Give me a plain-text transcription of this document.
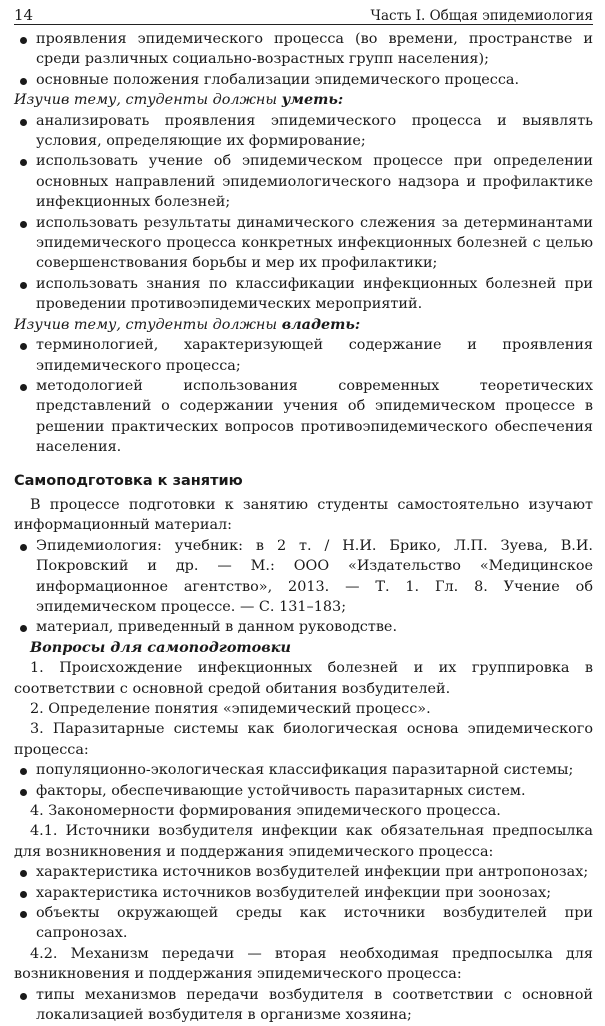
14	Часть I. Общая эпидемиология
проявления эпидемического процесса (во времени, пространстве и среди различных социально-возрастных групп населения);
основные положения глобализации эпидемического процесса.
Изучив тему, студенты должны уметь:
анализировать проявления эпидемического процесса и выявлять условия, определяющие их формирование;
использовать учение об эпидемическом процессе при определении основных направлений эпидемиологического надзора и профилактике инфекционных болезней;
использовать результаты динамического слежения за детерминантами эпидемического процесса конкретных инфекционных болезней с целью совершенствования борьбы и мер их профилактики;
использовать знания по классификации инфекционных болезней при проведении противоэпидемических мероприятий.
Изучив тему, студенты должны владеть:
терминологией, характеризующей содержание и проявления эпидемического процесса;
методологией использования современных теоретических представлений о содержании учения об эпидемическом процессе в решении практических вопросов противоэпидемического обеспечения населения.
Самоподготовка к занятию
В процессе подготовки к занятию студенты самостоятельно изучают информационный материал:
Эпидемиология: учебник: в 2 т. / Н.И. Брико, Л.П. Зуева, В.И. Покровский и др. — М.: ООО «Издательство «Медицинское информационное агентство», 2013. — Т. 1. Гл. 8. Учение об эпидемическом процессе. — С. 131–183;
материал, приведенный в данном руководстве.
Вопросы для самоподготовки
1. Происхождение инфекционных болезней и их группировка в соответствии с основной средой обитания возбудителей.
2. Определение понятия «эпидемический процесс».
3. Паразитарные системы как биологическая основа эпидемического процесса:
популяционно-экологическая классификация паразитарной системы;
факторы, обеспечивающие устойчивость паразитарных систем.
4. Закономерности формирования эпидемического процесса.
4.1. Источники возбудителя инфекции как обязательная предпосылка для возникновения и поддержания эпидемического процесса:
характеристика источников возбудителей инфекции при антропонозах;
характеристика источников возбудителей инфекции при зоонозах;
объекты окружающей среды как источники возбудителей при сапронозах.
4.2. Механизм передачи — вторая необходимая предпосылка для возникновения и поддержания эпидемического процесса:
типы механизмов передачи возбудителя в соответствии с основной локализацией возбудителя в организме хозяина;
